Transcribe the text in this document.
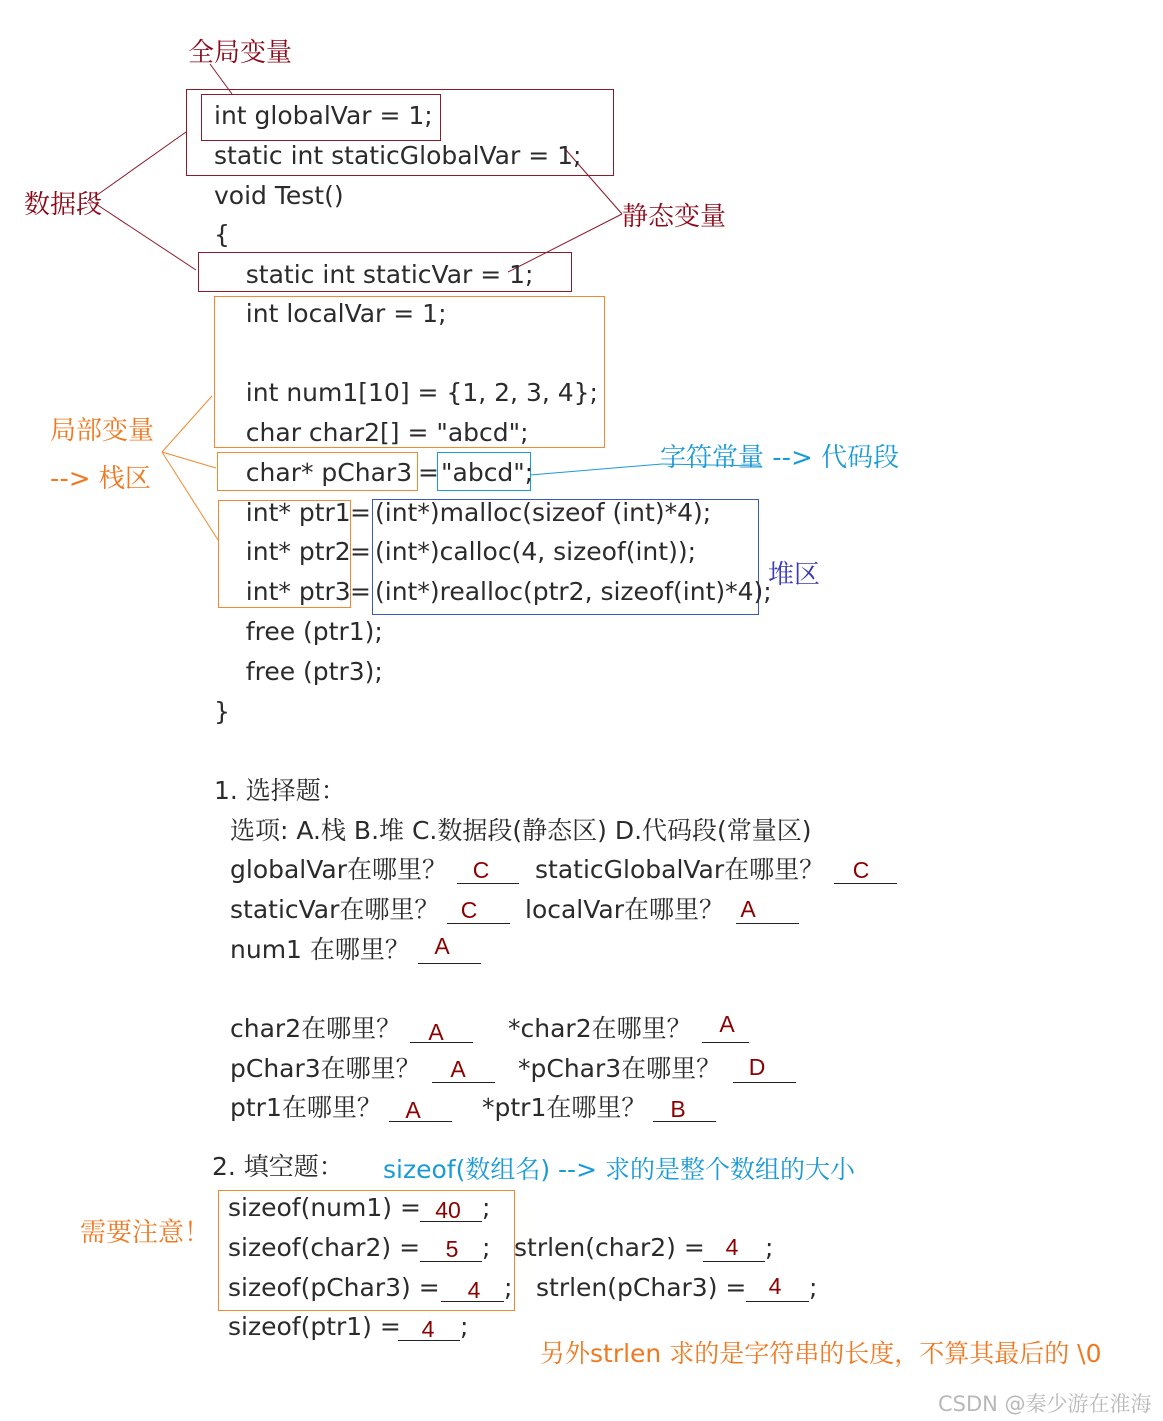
全局变量
数据段	静态变量
局部变量
--> 栈区
字符常量 --> 代码段
堆区
需要注意！
int globalVar = 1;
static int staticGlobalVar = 1;
void Test()
{
static int staticVar = 1;
int localVar = 1;
int num1[10] = {1, 2, 3, 4};
char char2[] = "abcd";
char* pChar3 = "abcd";
int* ptr1 = (int*)malloc(sizeof (int)*4);
int* ptr2 = (int*)calloc(4, sizeof(int));
int* ptr3 = (int*)realloc(ptr2, sizeof(int)*4);
free (ptr1);
free (ptr3);
}
1. 选择题：
选项: A.栈 B.堆 C.数据段(静态区) D.代码段(常量区)
globalVar在哪里？	C	staticGlobalVar在哪里？	C
staticVar在哪里？ C	localVar在哪里？ A
num1 在哪里？ A
char2在哪里？ A	*char2在哪里？ A
pChar3在哪里？ A *pChar3在哪里？ D
ptr1在哪里？ A *ptr1在哪里？ B
2. 填空题： sizeof(数组名) --> 求的是整个数组的大小
sizeof(num1) = 40 ;
sizeof(char2) = 5 ; strlen(char2) = 4	;
sizeof(pChar3) = 4 ; strlen(pChar3) = 4	;
sizeof(ptr1) = 4	;
另外strlen 求的是字符串的长度，不算其最后的 \0
CSDN @秦少游在淮海
